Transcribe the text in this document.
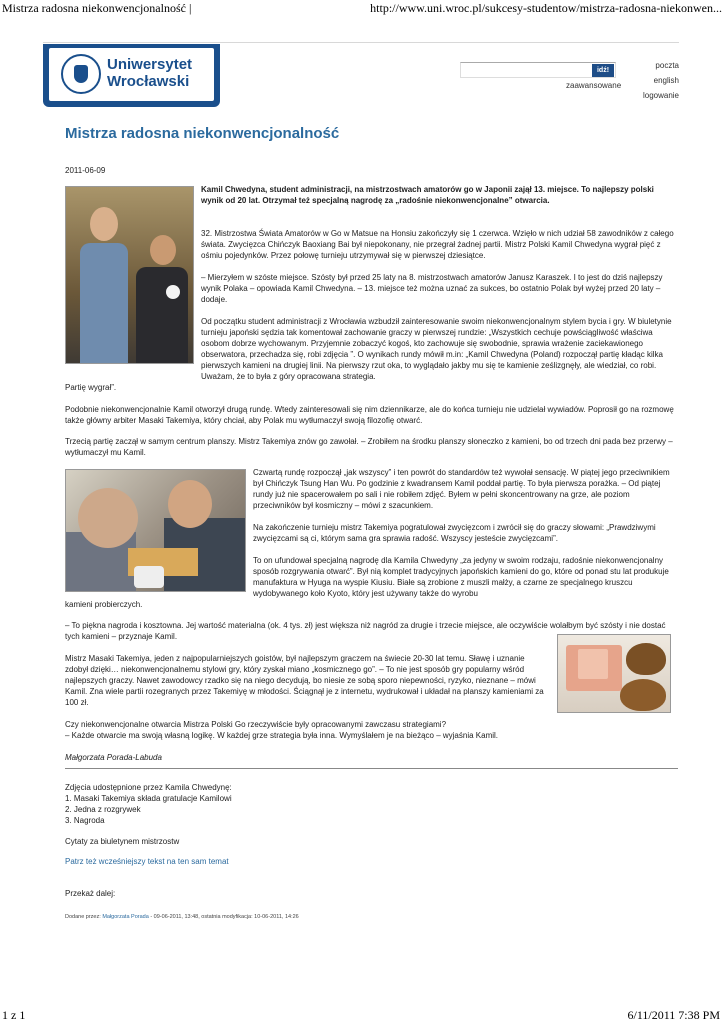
Mistrza radosna niekonwencjonalność |	http://www.uni.wroc.pl/sukcesy-studentow/mistrza-radosna-niekonwen...
Uniwersytet
Wrocławski
idź!
zaawansowane
poczta
english
logowanie
Mistrza radosna niekonwencjonalność
2011-06-09
Kamil Chwedyna, student administracji, na mistrzostwach amatorów go w Japonii zajął 13. miejsce. To najlepszy polski wynik od 20 lat. Otrzymał też specjalną nagrodę za „radośnie niekonwencjonalne” otwarcia.
32. Mistrzostwa Świata Amatorów w Go w Matsue na Honsiu zakończyły się 1 czerwca. Wzięło w nich udział 58 zawodników z całego świata. Zwycięzca Chińczyk Baoxiang Bai był niepokonany, nie przegrał żadnej partii. Mistrz Polski Kamil Chwedyna wygrał pięć z ośmiu pojedynków. Przez połowę turnieju utrzymywał się w pierwszej dziesiątce.
– Mierzyłem w szóste miejsce. Szósty był przed 25 laty na 8. mistrzostwach amatorów Janusz Karaszek. I to jest do dziś najlepszy wynik Polaka – opowiada Kamil Chwedyna. – 13. miejsce też można uznać za sukces, bo ostatnio Polak był wyżej przed 20 laty – dodaje.
Od początku student administracji z Wrocławia wzbudził zainteresowanie swoim niekonwencjonalnym stylem bycia i gry. W biuletynie turnieju japoński sędzia tak komentował zachowanie graczy w pierwszej rundzie: „Wszystkich cechuje powściągliwość właściwa osobom dobrze wychowanym. Przyjemnie zobaczyć kogoś, kto zachowuje się swobodnie, sprawia wrażenie zaciekawionego obserwatora, przechadza się, robi zdjęcia ”. O wynikach rundy mówił m.in: „Kamil Chwedyna (Poland) rozpoczął partię kładąc kilka pierwszych kamieni na drugiej linii. Na pierwszy rzut oka, to wyglądało jakby mu się te kamienie ześlizgnęły, ale wiedział, co robi. Uważam, że to była z góry opracowana strategia.
Partię wygrał”.
Podobnie niekonwencjonalnie Kamil otworzył drugą rundę. Wtedy zainteresowali się nim dziennikarze, ale do końca turnieju nie udzielał wywiadów. Poprosił go na rozmowę także główny arbiter Masaki Takemiya, który chciał, aby Polak mu wytłumaczył swoją filozofię otwarć.
Trzecią partię zaczął w samym centrum planszy. Mistrz Takemiya znów go zawołał. – Zrobiłem na środku planszy słoneczko z kamieni, bo od trzech dni pada bez przerwy – wytłumaczył mu Kamil.
Czwartą rundę rozpoczął „jak wszyscy” i ten powrót do standardów też wywołał sensację. W piątej jego przeciwnikiem był Chińczyk Tsung Han Wu. Po godzinie z kwadransem Kamil poddał partię. To była pierwsza porażka. – Od piątej rundy już nie spacerowałem po sali i nie robiłem zdjęć. Byłem w pełni skoncentrowany na grze, ale poziom przeciwników był kosmiczny – mówi z szacunkiem.
Na zakończenie turnieju mistrz Takemiya pogratulował zwycięzcom i zwrócił się do graczy słowami: „Prawdziwymi zwycięzcami są ci, którym sama gra sprawia radość. Wszyscy jesteście zwycięzcami”.
To on ufundował specjalną nagrodę dla Kamila Chwedyny „za jedyny w swoim rodzaju, radośnie niekonwencjonalny sposób rozgrywania otwarć”. Był nią komplet tradycyjnych japońskich kamieni do go, które od ponad stu lat produkuje manufaktura w Hyuga na wyspie Kiusiu. Białe są zrobione z muszli małży, a czarne ze specjalnego kruszcu wydobywanego koło Kyoto, który jest używany także do wyrobu
kamieni probierczych.
– To piękna nagroda i kosztowna. Jej wartość materialna (ok. 4 tys. zł) jest większa niż nagród za drugie i trzecie miejsce, ale oczywiście wolałbym być szósty i nie dostać tych kamieni – przyznaje Kamil.
Mistrz Masaki Takemiya, jeden z najpopularniejszych goistów, był najlepszym graczem na świecie 20-30 lat temu. Sławę i uznanie zdobył dzięki… niekonwencjonalnemu stylowi gry, który zyskał miano „kosmicznego go”. – To nie jest sposób gry popularny wśród najlepszych graczy. Nawet zawodowcy rzadko się na niego decydują, bo niesie ze sobą sporo niepewności, ryzyko, nieznane – mówi Kamil. Zna wiele partii rozegranych przez Takemiyę w młodości. Ściągnął je z internetu, wydrukował i układał na planszy kamieniami za 100 zł.
Czy niekonwencjonalne otwarcia Mistrza Polski Go rzeczywiście były opracowanymi zawczasu strategiami?
– Każde otwarcie ma swoją własną logikę. W każdej grze strategia była inna. Wymyślałem je na bieżąco – wyjaśnia Kamil.
Małgorzata Porada-Labuda
Zdjęcia udostępnione przez Kamila Chwedynę:
1. Masaki Takemiya składa gratulacje Kamilowi
2. Jedna z rozgrywek
3. Nagroda
Cytaty za biuletynem mistrzostw
Patrz też wcześniejszy tekst na ten sam temat
Przekaż dalej:
Dodane przez: Małgorzata Porada - 09-06-2011, 13:48, ostatnia modyfikacja: 10-06-2011, 14:26
1 z 1	6/11/2011 7:38 PM
